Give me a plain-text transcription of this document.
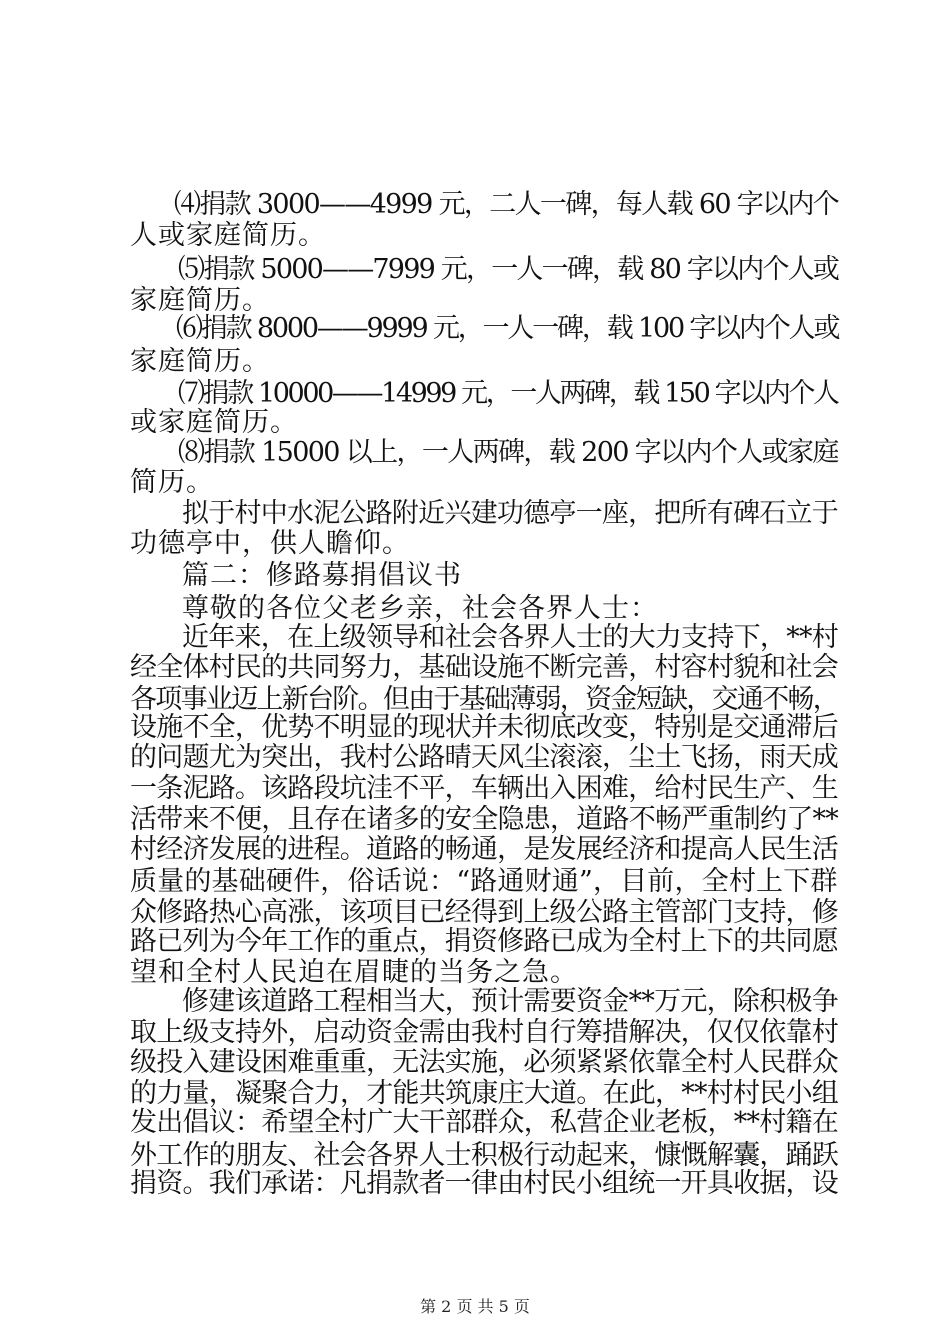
⑷捐款 3000——4999 元，二人一碑，每人载 60 字以内个
人或家庭简历。
⑸捐款 5000——7999 元，一人一碑，载 80 字以内个人或
家庭简历。
⑹捐款 8000——9999 元，一人一碑，载 100 字以内个人或
家庭简历。
⑺捐款 10000——14999 元，一人两碑，载 150 字以内个人
或家庭简历。
⑻捐款 15000 以上，一人两碑，载 200 字以内个人或家庭
简历。
拟于村中水泥公路附近兴建功德亭一座，把所有碑石立于
功德亭中，供人瞻仰。
篇二：修路募捐倡议书
尊敬的各位父老乡亲，社会各界人士：
近年来，在上级领导和社会各界人士的大力支持下，**村
经全体村民的共同努力，基础设施不断完善，村容村貌和社会
各项事业迈上新台阶。但由于基础薄弱，资金短缺，交通不畅，
设施不全，优势不明显的现状并未彻底改变，特别是交通滞后
的问题尤为突出，我村公路晴天风尘滚滚，尘土飞扬，雨天成
一条泥路。该路段坑洼不平，车辆出入困难，给村民生产、生
活带来不便，且存在诸多的安全隐患，道路不畅严重制约了**
村经济发展的进程。道路的畅通，是发展经济和提高人民生活
质量的基础硬件，俗话说：“路通财通”，目前，全村上下群
众修路热心高涨，该项目已经得到上级公路主管部门支持，修
路已列为今年工作的重点，捐资修路已成为全村上下的共同愿
望和全村人民迫在眉睫的当务之急。
修建该道路工程相当大，预计需要资金**万元，除积极争
取上级支持外，启动资金需由我村自行筹措解决，仅仅依靠村
级投入建设困难重重，无法实施，必须紧紧依靠全村人民群众
的力量，凝聚合力，才能共筑康庄大道。在此，**村村民小组
发出倡议：希望全村广大干部群众，私营企业老板，**村籍在
外工作的朋友、社会各界人士积极行动起来，慷慨解囊，踊跃
捐资。我们承诺：凡捐款者一律由村民小组统一开具收据，设
第 2 页 共 5 页
